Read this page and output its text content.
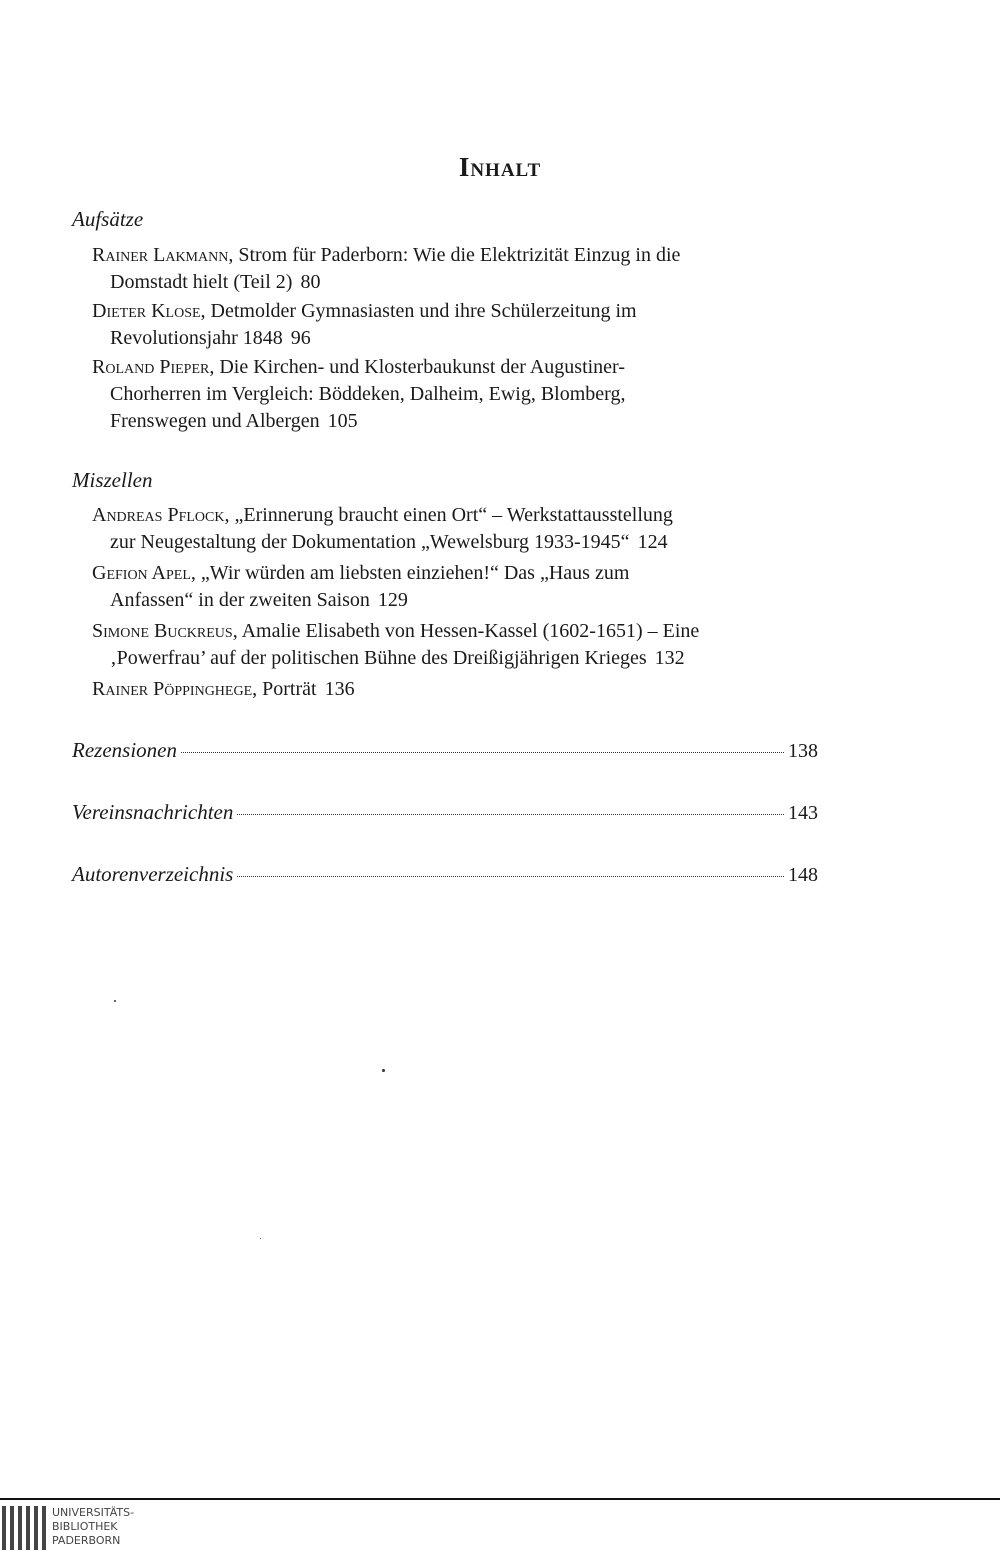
Inhalt
Aufsätze
Rainer Lakmann, Strom für Paderborn: Wie die Elektrizität Einzug in die
Domstadt hielt (Teil 2) 80
Dieter Klose, Detmolder Gymnasiasten und ihre Schülerzeitung im
Revolutionsjahr 1848 96
Roland Pieper, Die Kirchen- und Klosterbaukunst der Augustiner-
Chorherren im Vergleich: Böddeken, Dalheim, Ewig, Blomberg,
Frenswegen und Albergen 105
Miszellen
Andreas Pflock, „Erinnerung braucht einen Ort“ – Werkstattausstellung
zur Neugestaltung der Dokumentation „Wewelsburg 1933-1945“ 124
Gefion Apel, „Wir würden am liebsten einziehen!“ Das „Haus zum
Anfassen“ in der zweiten Saison 129
Simone Buckreus, Amalie Elisabeth von Hessen-Kassel (1602-1651) – Eine
‚Powerfrau’ auf der politischen Bühne des Dreißigjährigen Krieges 132
Rainer Pöppinghege, Porträt 136
Rezensionen	138
Vereinsnachrichten	143
Autorenverzeichnis	148
UNIVERSITÄTS-
BIBLIOTHEK
PADERBORN
